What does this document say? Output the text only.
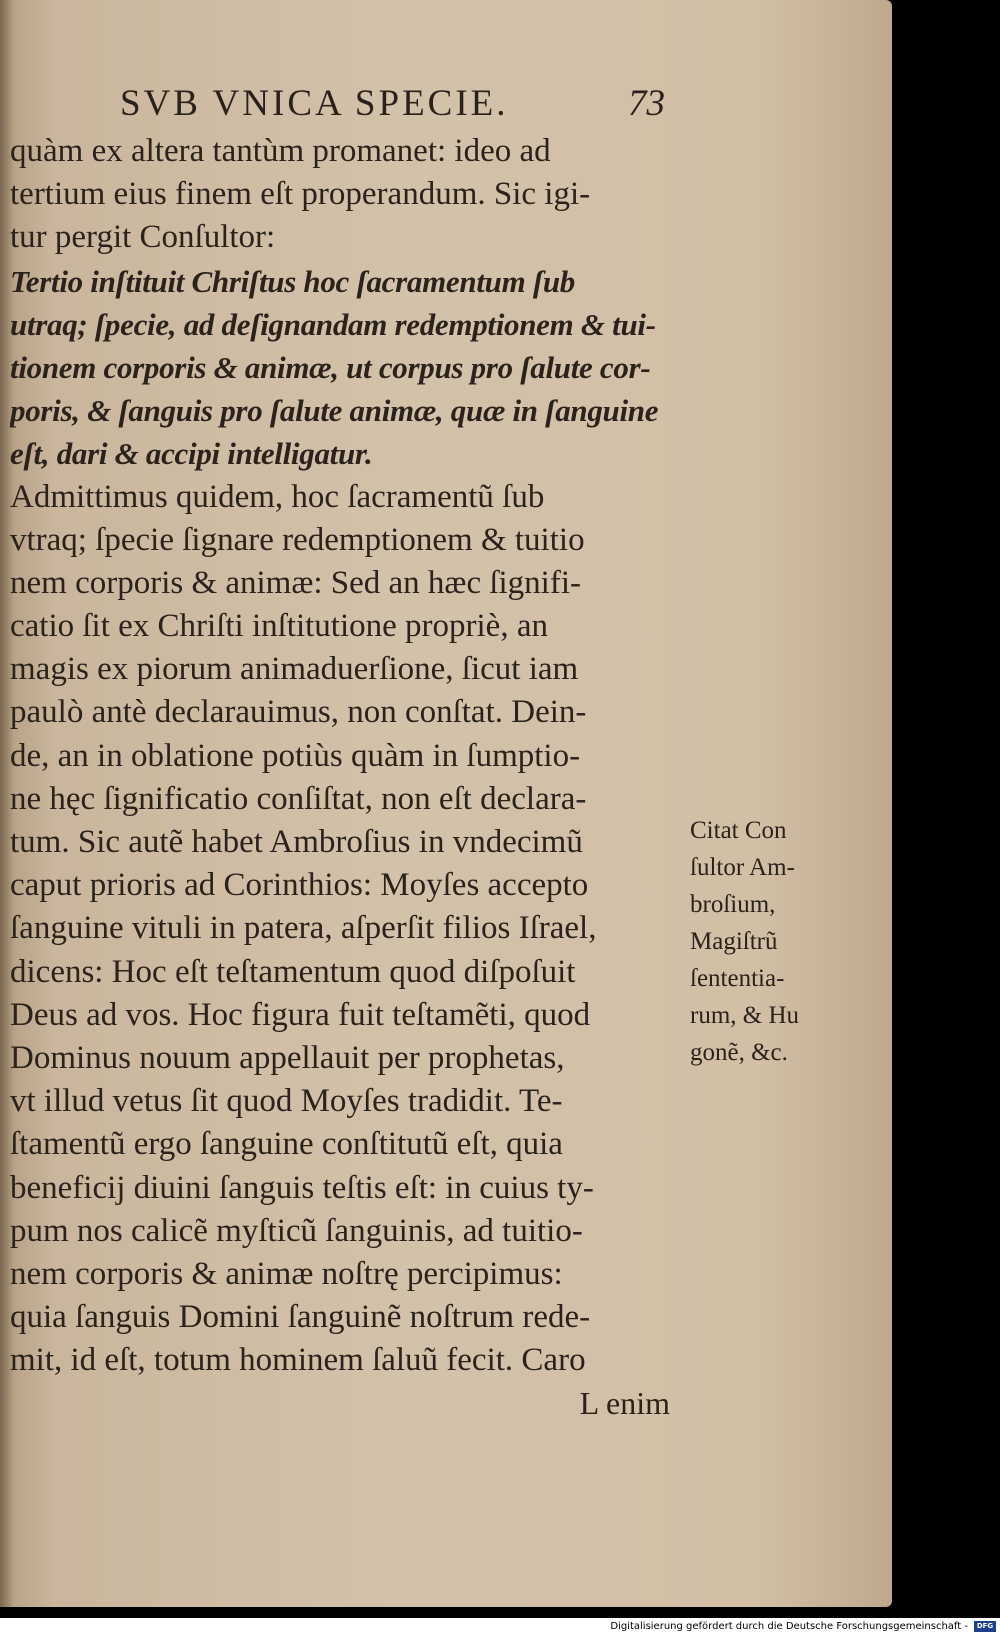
SVB VNICA SPECIE.	73
quàm ex altera tantùm promanet: ideo ad
tertium eius finem eſt properandum. Sic igi-
tur pergit Conſultor:
Tertio inſtituit Chriſtus hoc ſacramentum ſub
utraq; ſpecie, ad deſignandam redemptionem & tui-
tionem corporis & animæ, ut corpus pro ſalute cor-
poris, & ſanguis pro ſalute animæ, quæ in ſanguine
eſt, dari & accipi intelligatur.
Admittimus quidem, hoc ſacramentũ ſub
vtraq; ſpecie ſignare redemptionem & tuitio
nem corporis & animæ: Sed an hæc ſignifi-
catio ſit ex Chriſti inſtitutione propriè, an
magis ex piorum animaduerſione, ſicut iam
paulò antè declarauimus, non conſtat. Dein-
de, an in oblatione potiùs quàm in ſumptio-
ne hęc ſignificatio conſiſtat, non eſt declara-
tum. Sic autẽ habet Ambroſius in vndecimũ
caput prioris ad Corinthios: Moyſes accepto
ſanguine vituli in patera, aſperſit filios Iſrael,
dicens: Hoc eſt teſtamentum quod diſpoſuit
Deus ad vos. Hoc figura fuit teſtamẽti, quod
Dominus nouum appellauit per prophetas,
vt illud vetus ſit quod Moyſes tradidit. Te-
ſtamentũ ergo ſanguine conſtitutũ eſt, quia
beneficij diuini ſanguis teſtis eſt: in cuius ty-
pum nos calicẽ myſticũ ſanguinis, ad tuitio-
nem corporis & animæ noſtrę percipimus:
quia ſanguis Domini ſanguinẽ noſtrum rede-
mit, id eſt, totum hominem ſaluũ fecit. Caro
L enim
Citat Con
ſultor Am-
broſium,
Magiſtrũ
ſententia-
rum, & Hu
gonẽ, &c.
Digitalisierung gefördert durch die Deutsche Forschungsgemeinschaft - DFG
